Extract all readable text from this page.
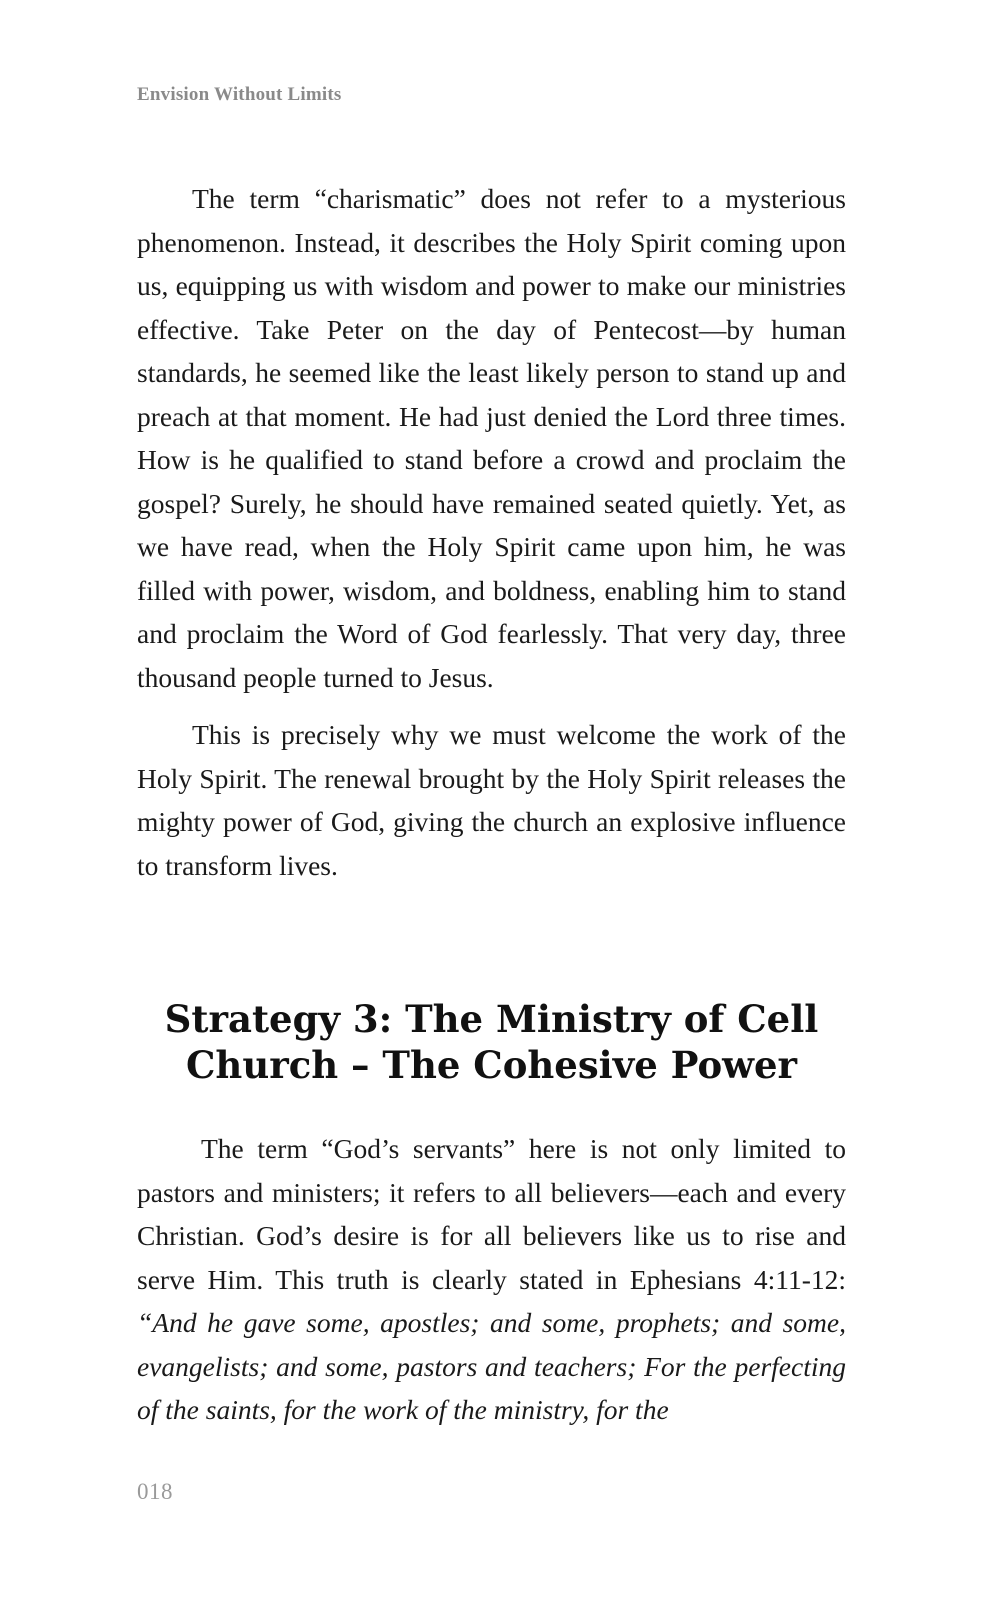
Envision Without Limits

The term “charismatic” does not refer to a mysterious phenomenon. Instead, it describes the Holy Spirit coming upon us, equipping us with wisdom and power to make our ministries effective. Take Peter on the day of Pentecost—by human standards, he seemed like the least likely person to stand up and preach at that moment. He had just denied the Lord three times. How is he qualified to stand before a crowd and proclaim the gospel? Surely, he should have remained seated quietly. Yet, as we have read, when the Holy Spirit came upon him, he was filled with power, wisdom, and boldness, enabling him to stand and proclaim the Word of God fearlessly. That very day, three thousand people turned to Jesus.

This is precisely why we must welcome the work of the Holy Spirit. The renewal brought by the Holy Spirit releases the mighty power of God, giving the church an explosive influence to transform lives.

Strategy 3: The Ministry of Cell
Church – The Cohesive Power

The term “God’s servants” here is not only limited to pastors and ministers; it refers to all believers—each and every Christian. God’s desire is for all believers like us to rise and serve Him. This truth is clearly stated in Ephesians 4:11-12: “And he gave some, apostles; and some, prophets; and some, evangelists; and some, pastors and teachers; For the perfecting of the saints, for the work of the ministry, for the

018
